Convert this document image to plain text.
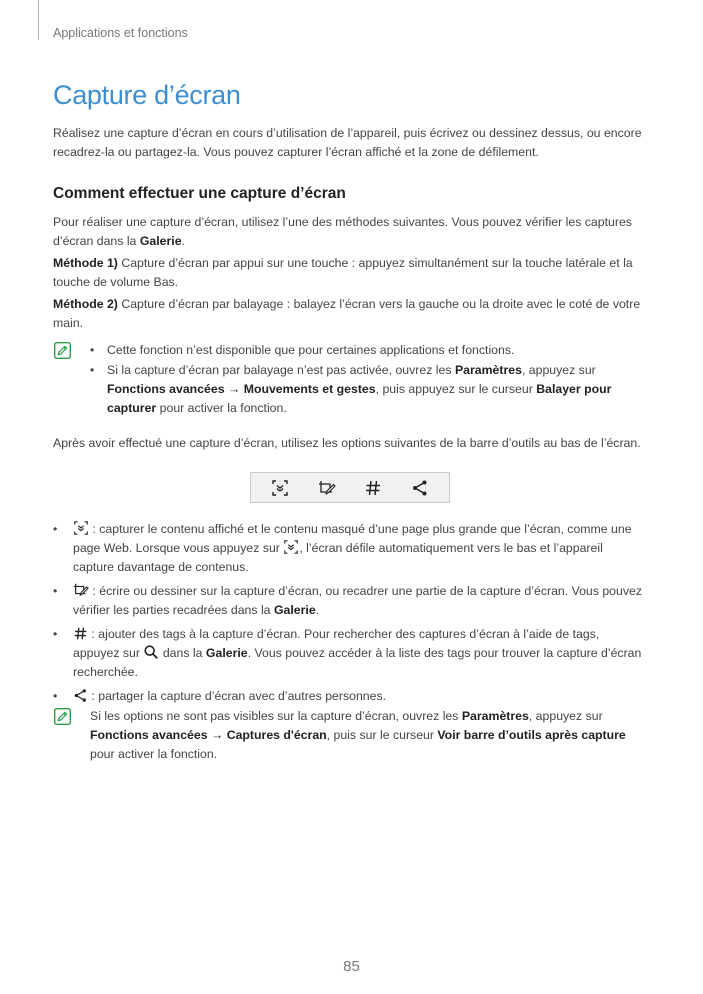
Applications et fonctions
Capture d’écran

Réalisez une capture d’écran en cours d’utilisation de l’appareil, puis écrivez ou dessinez dessus, ou encore recadrez-la ou partagez-la. Vous pouvez capturer l’écran affiché et la zone de défilement.

Comment effectuer une capture d’écran

Pour réaliser une capture d’écran, utilisez l’une des méthodes suivantes. Vous pouvez vérifier les captures d’écran dans la Galerie.

Méthode 1) Capture d’écran par appui sur une touche : appuyez simultanément sur la touche latérale et la touche de volume Bas.

Méthode 2) Capture d’écran par balayage : balayez l’écran vers la gauche ou la droite avec le coté de votre main.

• Cette fonction n’est disponible que pour certaines applications et fonctions.
• Si la capture d’écran par balayage n’est pas activée, ouvrez les Paramètres, appuyez sur Fonctions avancées → Mouvements et gestes, puis appuyez sur le curseur Balayer pour capturer pour activer la fonction.

Après avoir effectué une capture d’écran, utilisez les options suivantes de la barre d’outils au bas de l’écran.

•	: capturer le contenu affiché et le contenu masqué d’une page plus grande que l’écran, comme une page Web. Lorsque vous appuyez sur
, l’écran défile automatiquement vers le bas et l’appareil capture davantage de contenus.
•	: écrire ou dessiner sur la capture d’écran, ou recadrer une partie de la capture d’écran. Vous pouvez vérifier les parties recadrées dans la Galerie.
• : ajouter des tags à la capture d’écran. Pour rechercher des captures d’écran à l’aide de tags, appuyez sur
dans la Galerie. Vous pouvez accéder à la liste des tags pour trouver la capture d’écran recherchée.
• : partager la capture d’écran avec d’autres personnes.

Si les options ne sont pas visibles sur la capture d’écran, ouvrez les Paramètres, appuyez sur Fonctions avancées → Captures d'écran, puis sur le curseur Voir barre d’outils après capture pour activer la fonction.

85
